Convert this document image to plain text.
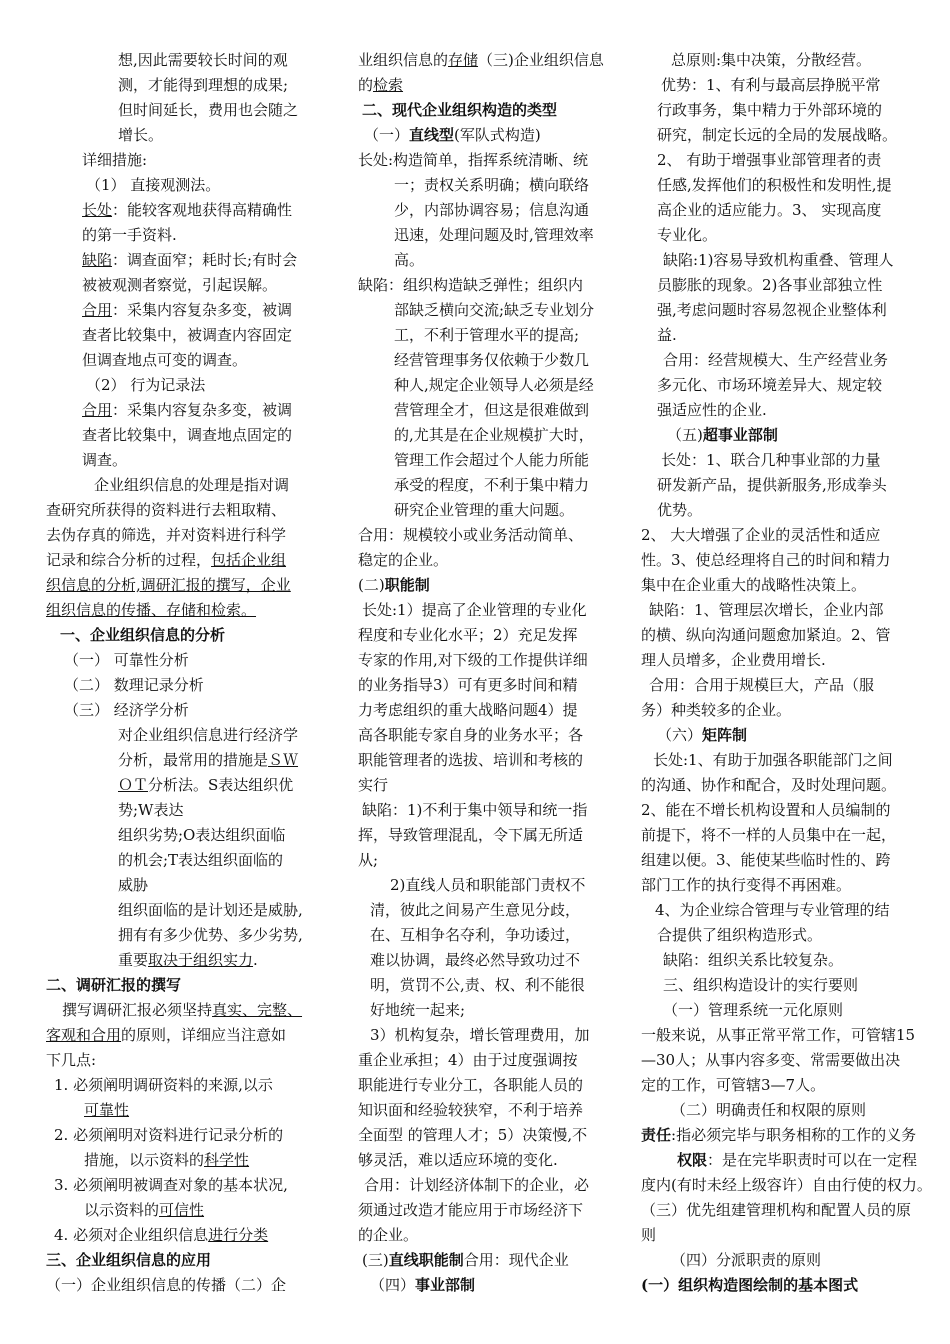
想,因此需要较长时间的观

测，才能得到理想的成果;

但时间延长，费用也会随之

增长。

详细措施:

（1） 直接观测法。

长处：能较客观地获得高精确性

的第一手资料.

缺陷：调查面窄；耗时长;有时会

被被观测者察觉，引起误解。

合用：采集内容复杂多变，被调

查者比较集中，被调查内容固定

但调查地点可变的调查。

（2） 行为记录法

合用：采集内容复杂多变，被调

查者比较集中，调查地点固定的

调查。

企业组织信息的处理是指对调

查研究所获得的资料进行去粗取精、

去伪存真的筛选，并对资料进行科学

记录和综合分析的过程，包括企业组

织信息的分析,调研汇报的撰写，企业

组织信息的传播、存储和检索。

一、企业组织信息的分析

（一） 可靠性分析

（二） 数理记录分析

（三） 经济学分析

对企业组织信息进行经济学

分析，最常用的措施是ＳＷ

ＯＴ分析法。S表达组织优

势;W表达

组织劣势;O表达组织面临

的机会;T表达组织面临的

威胁

组织面临的是计划还是威胁,

拥有有多少优势、多少劣势,

重要取决于组织实力.

二、调研汇报的撰写

撰写调研汇报必须坚持真实、完整、

客观和合用的原则，详细应当注意如

下几点:

1. 必须阐明调研资料的来源,以示

可靠性

2. 必须阐明对资料进行记录分析的

措施，以示资料的科学性

3. 必须阐明被调查对象的基本状况,

以示资料的可信性

4. 必须对企业组织信息进行分类

三、企业组织信息的应用

（一）企业组织信息的传播（二）企

业组织信息的存储（三)企业组织信息

的检索

二、现代企业组织构造的类型

（一）直线型(军队式构造)

长处:构造简单，指挥系统清晰、统

一；责权关系明确；横向联络

少，内部协调容易；信息沟通

迅速，处理问题及时,管理效率

高。

缺陷：组织构造缺乏弹性；组织内

部缺乏横向交流;缺乏专业划分

工，不利于管理水平的提高;

经营管理事务仅依赖于少数几

种人,规定企业领导人必须是经

营管理全才，但这是很难做到

的,尤其是在企业规模扩大时，

管理工作会超过个人能力所能

承受的程度，不利于集中精力

研究企业管理的重大问题。

合用：规模较小或业务活动简单、

稳定的企业。

(二)职能制

长处:1）提高了企业管理的专业化

程度和专业化水平；2）充足发挥

专家的作用,对下级的工作提供详细

的业务指导3）可有更多时间和精

力考虑组织的重大战略问题4）提

高各职能专家自身的业务水平；各

职能管理者的选拔、培训和考核的

实行

缺陷：1)不利于集中领导和统一指

挥，导致管理混乱，令下属无所适

从;

2)直线人员和职能部门责权不

清，彼此之间易产生意见分歧，

在、互相争名夺利，争功诿过，

难以协调，最终必然导致功过不

明，赏罚不公,责、权、利不能很

好地统一起来;

3）机构复杂，增长管理费用，加

重企业承担；4）由于过度强调按

职能进行专业分工，各职能人员的

知识面和经验较狭窄，不利于培养

全面型 的管理人才；5）决策慢,不

够灵活，难以适应环境的变化.

合用：计划经济体制下的企业，必

须通过改造才能应用于市场经济下

的企业。

(三)直线职能制合用：现代企业

（四）事业部制

总原则:集中决策，分散经营。

优势：1、有利与最高层挣脱平常

行政事务，集中精力于外部环境的

研究，制定长远的全局的发展战略。

2、 有助于增强事业部管理者的责

任感,发挥他们的积极性和发明性,提

高企业的适应能力。3、 实现高度

专业化。

缺陷:1)容易导致机构重叠、管理人

员膨胀的现象。2)各事业部独立性

强,考虑问题时容易忽视企业整体利

益.

合用：经营规模大、生产经营业务

多元化、市场环境差异大、规定较

强适应性的企业.

（五)超事业部制

长处：1、联合几种事业部的力量

研发新产品，提供新服务,形成拳头

优势。

2、 大大增强了企业的灵活性和适应

性。3、使总经理将自己的时间和精力

集中在企业重大的战略性决策上。

缺陷：1、管理层次增长，企业内部

的横、纵向沟通问题愈加紧迫。2、管

理人员增多，企业费用增长.

合用：合用于规模巨大，产品（服

务）种类较多的企业。

（六）矩阵制

长处:1、有助于加强各职能部门之间

的沟通、协作和配合，及时处理问题。

2、能在不增长机构设置和人员编制的

前提下，将不一样的人员集中在一起，

组建以便。3、能使某些临时性的、跨

部门工作的执行变得不再困难。

4、为企业综合管理与专业管理的结

合提供了组织构造形式。

缺陷：组织关系比较复杂。

三、组织构造设计的实行要则

（一）管理系统一元化原则

一般来说，从事正常平常工作，可管辖15

—30人；从事内容多变、常需要做出决

定的工作，可管辖3—7人。

（二）明确责任和权限的原则

责任:指必须完毕与职务相称的工作的义务

权限：是在完毕职责时可以在一定程

度内(有时未经上级容许）自由行使的权力。

（三）优先组建管理机构和配置人员的原

则

（四）分派职责的原则

(一）组织构造图绘制的基本图式
